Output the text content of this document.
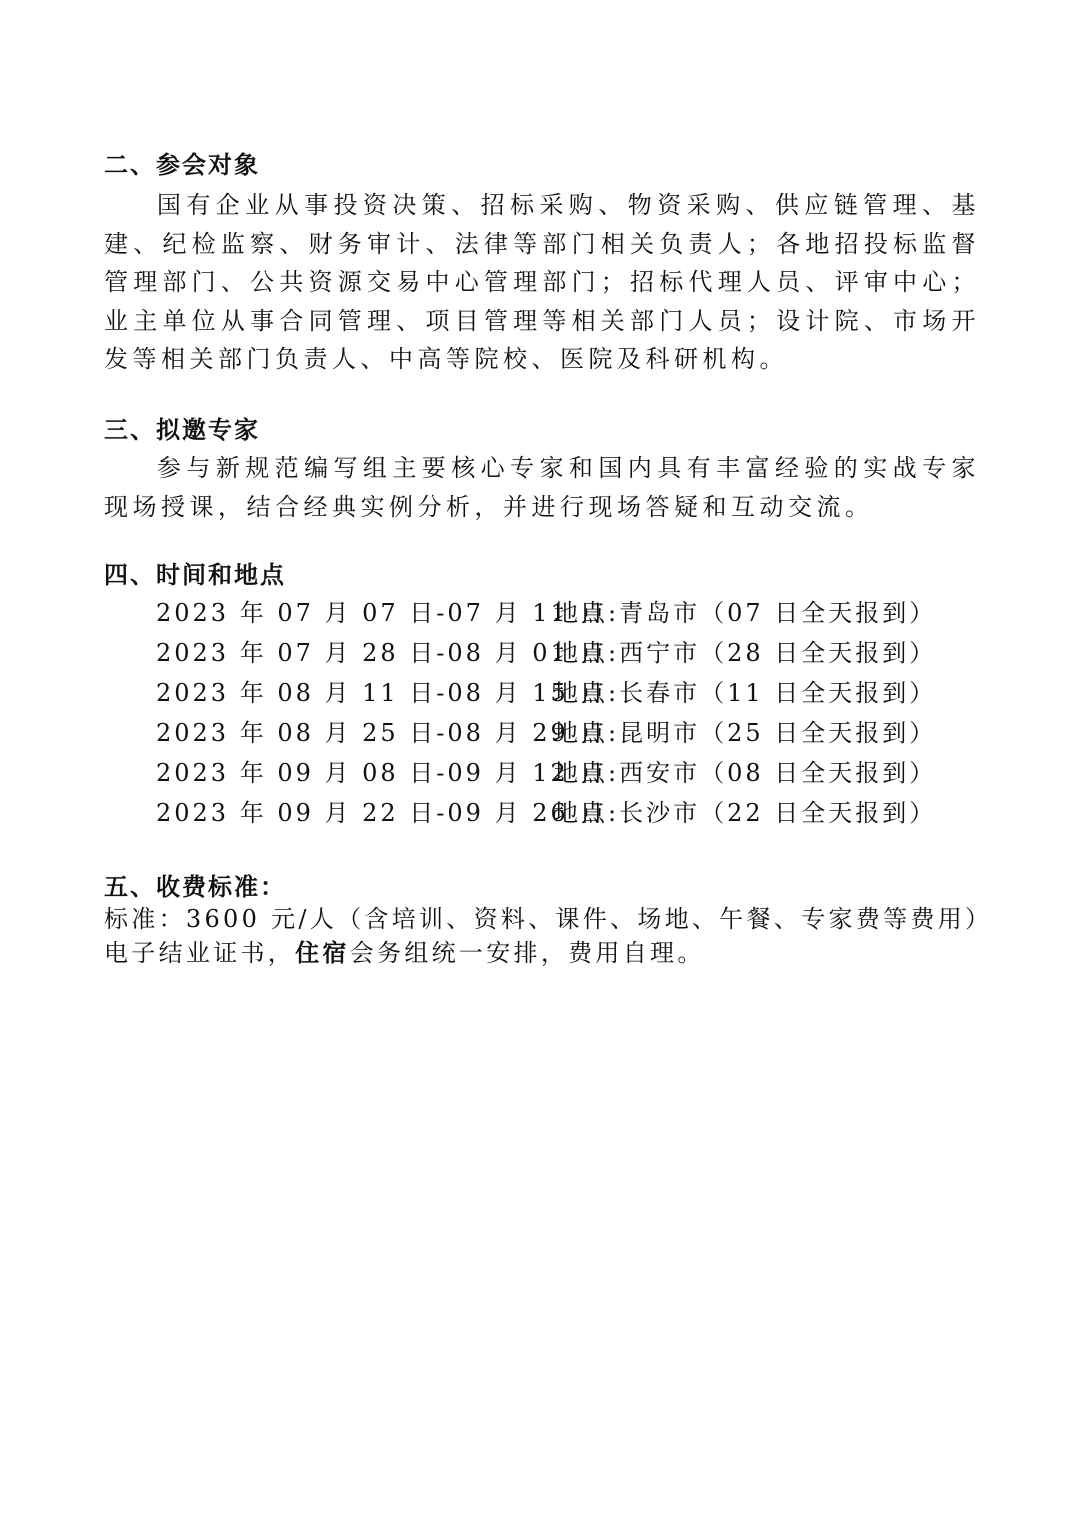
二、参会对象
国有企业从事投资决策、招标采购、物资采购、供应链管理、基建、纪检监察、财务审计、法律等部门相关负责人；各地招投标监督管理部门、公共资源交易中心管理部门；招标代理人员、评审中心；业主单位从事合同管理、项目管理等相关部门人员；设计院、市场开发等相关部门负责人、中高等院校、医院及科研机构。
三、拟邀专家
参与新规范编写组主要核心专家和国内具有丰富经验的实战专家现场授课，结合经典实例分析，并进行现场答疑和互动交流。
四、时间和地点
2023 年 07 月 07 日-07 月 11 日地点:青岛市（07 日全天报到）
2023 年 07 月 28 日-08 月 01 日地点:西宁市（28 日全天报到）
2023 年 08 月 11 日-08 月 15 日地点:长春市（11 日全天报到）
2023 年 08 月 25 日-08 月 29 日地点:昆明市（25 日全天报到）
2023 年 09 月 08 日-09 月 12 日地点:西安市（08 日全天报到）
2023 年 09 月 22 日-09 月 26 日地点:长沙市（22 日全天报到）
五、收费标准：
标准：3600 元/人（含培训、资料、课件、场地、午餐、专家费等费用）
电子结业证书，住宿会务组统一安排，费用自理。
